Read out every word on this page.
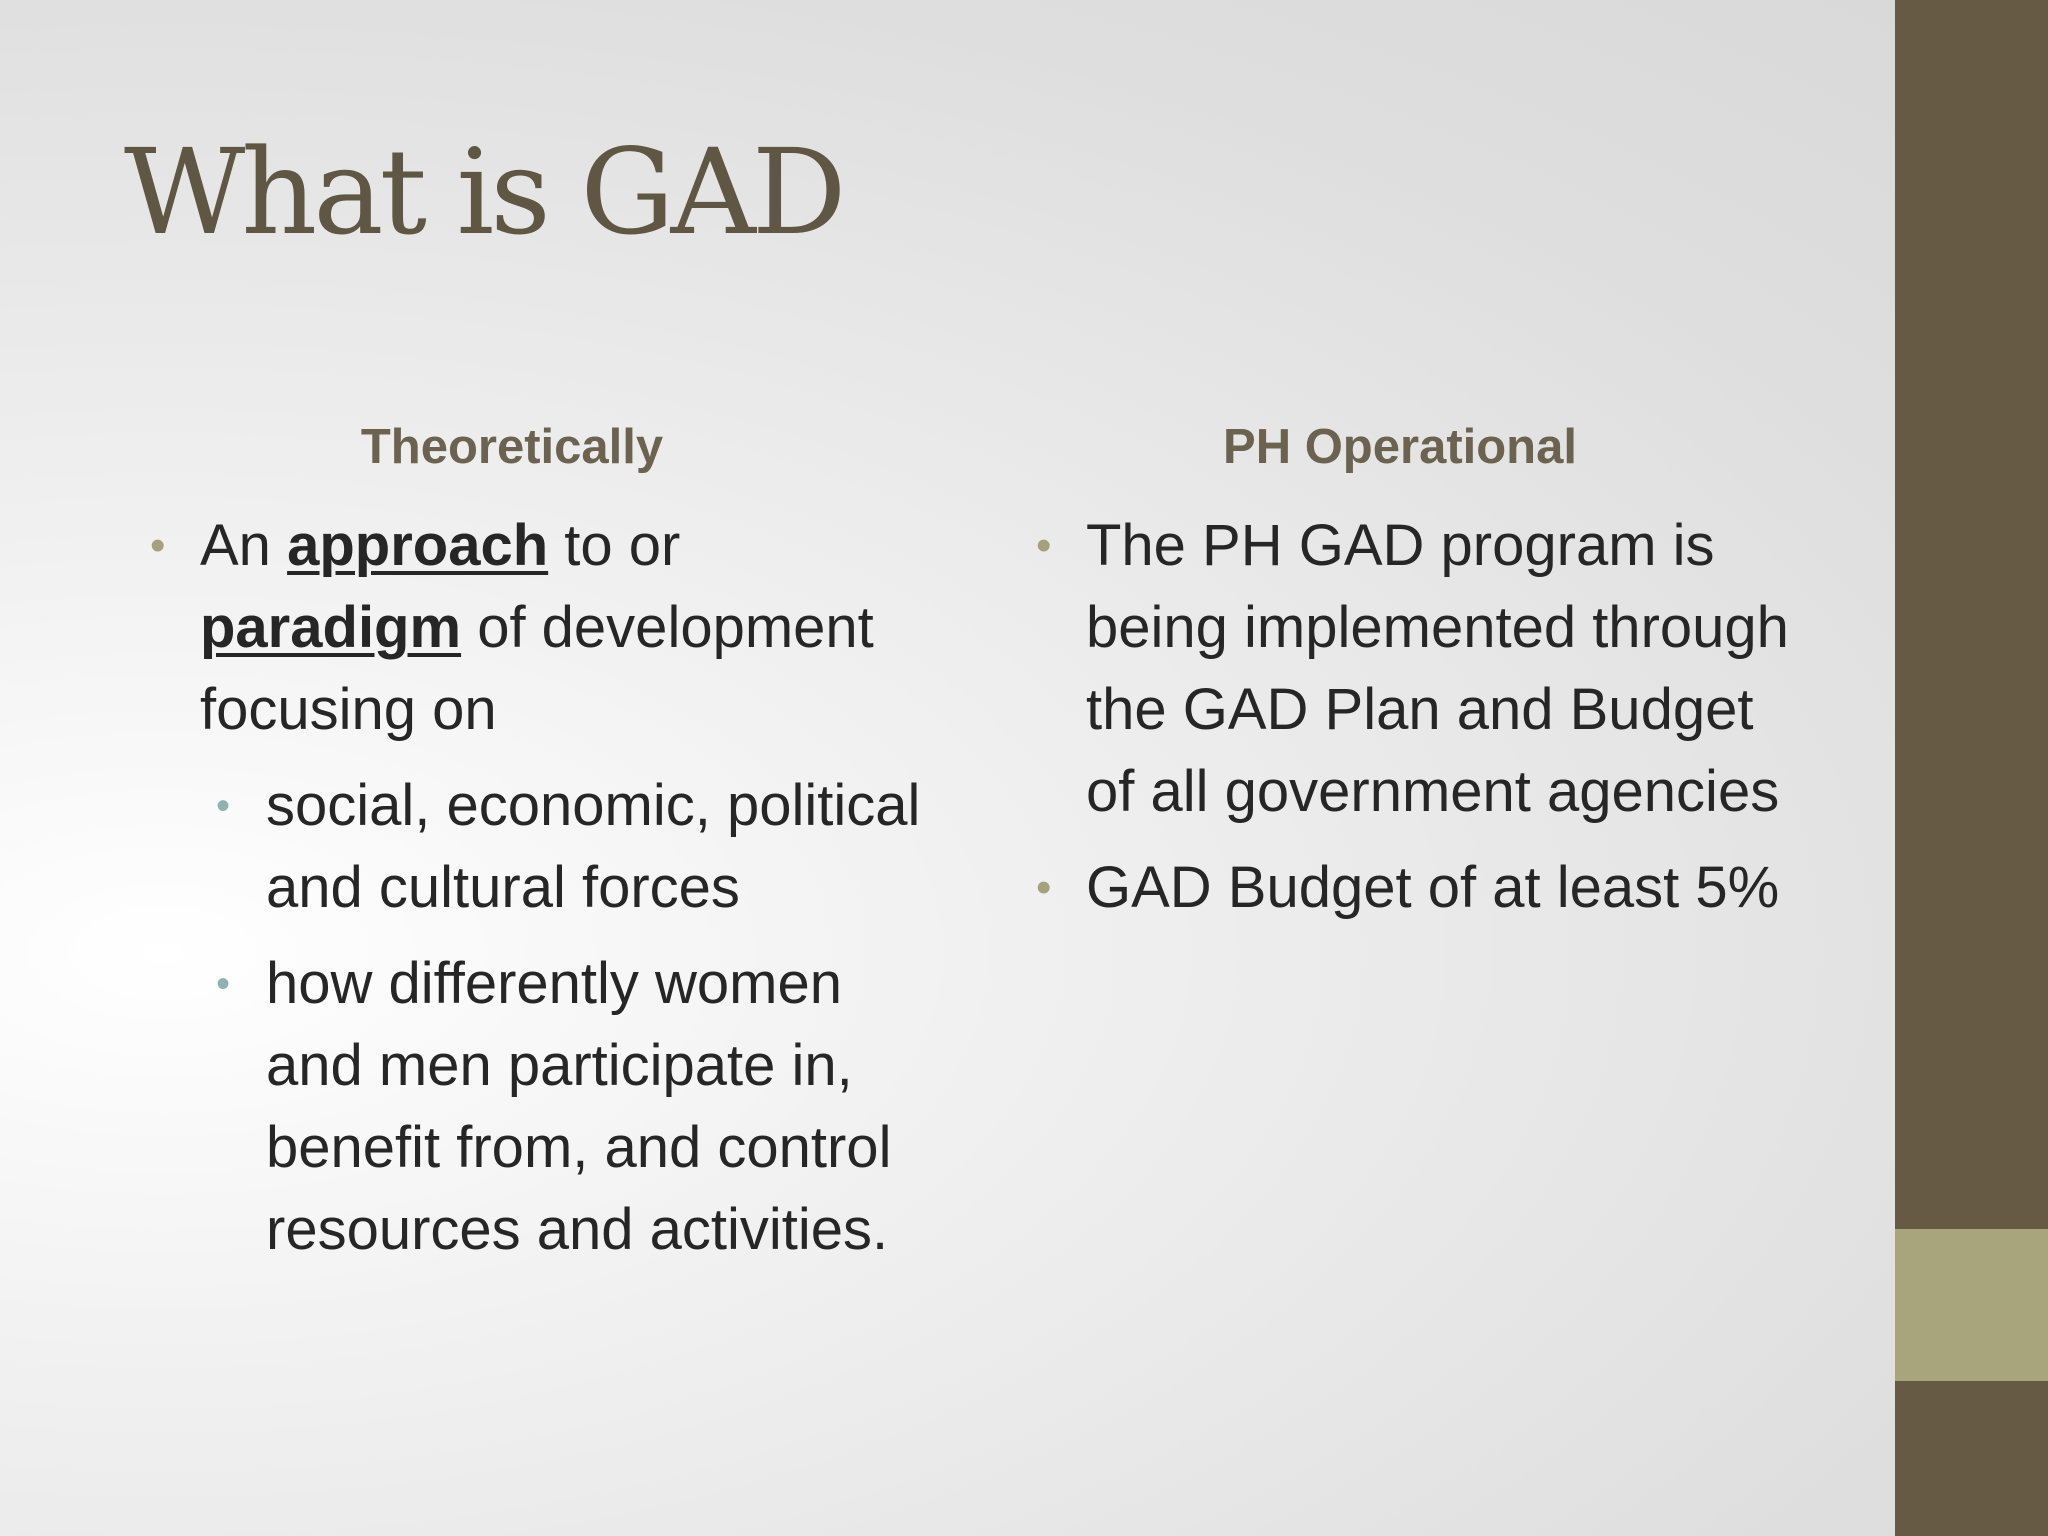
What is GAD
Theoretically	PH Operational
• An approach to or paradigm of development focusing on
• social, economic, political and cultural forces
• how differently women and men participate in, benefit from, and control resources and activities.
• The PH GAD program is being implemented through the GAD Plan and Budget of all government agencies
• GAD Budget of at least 5%
